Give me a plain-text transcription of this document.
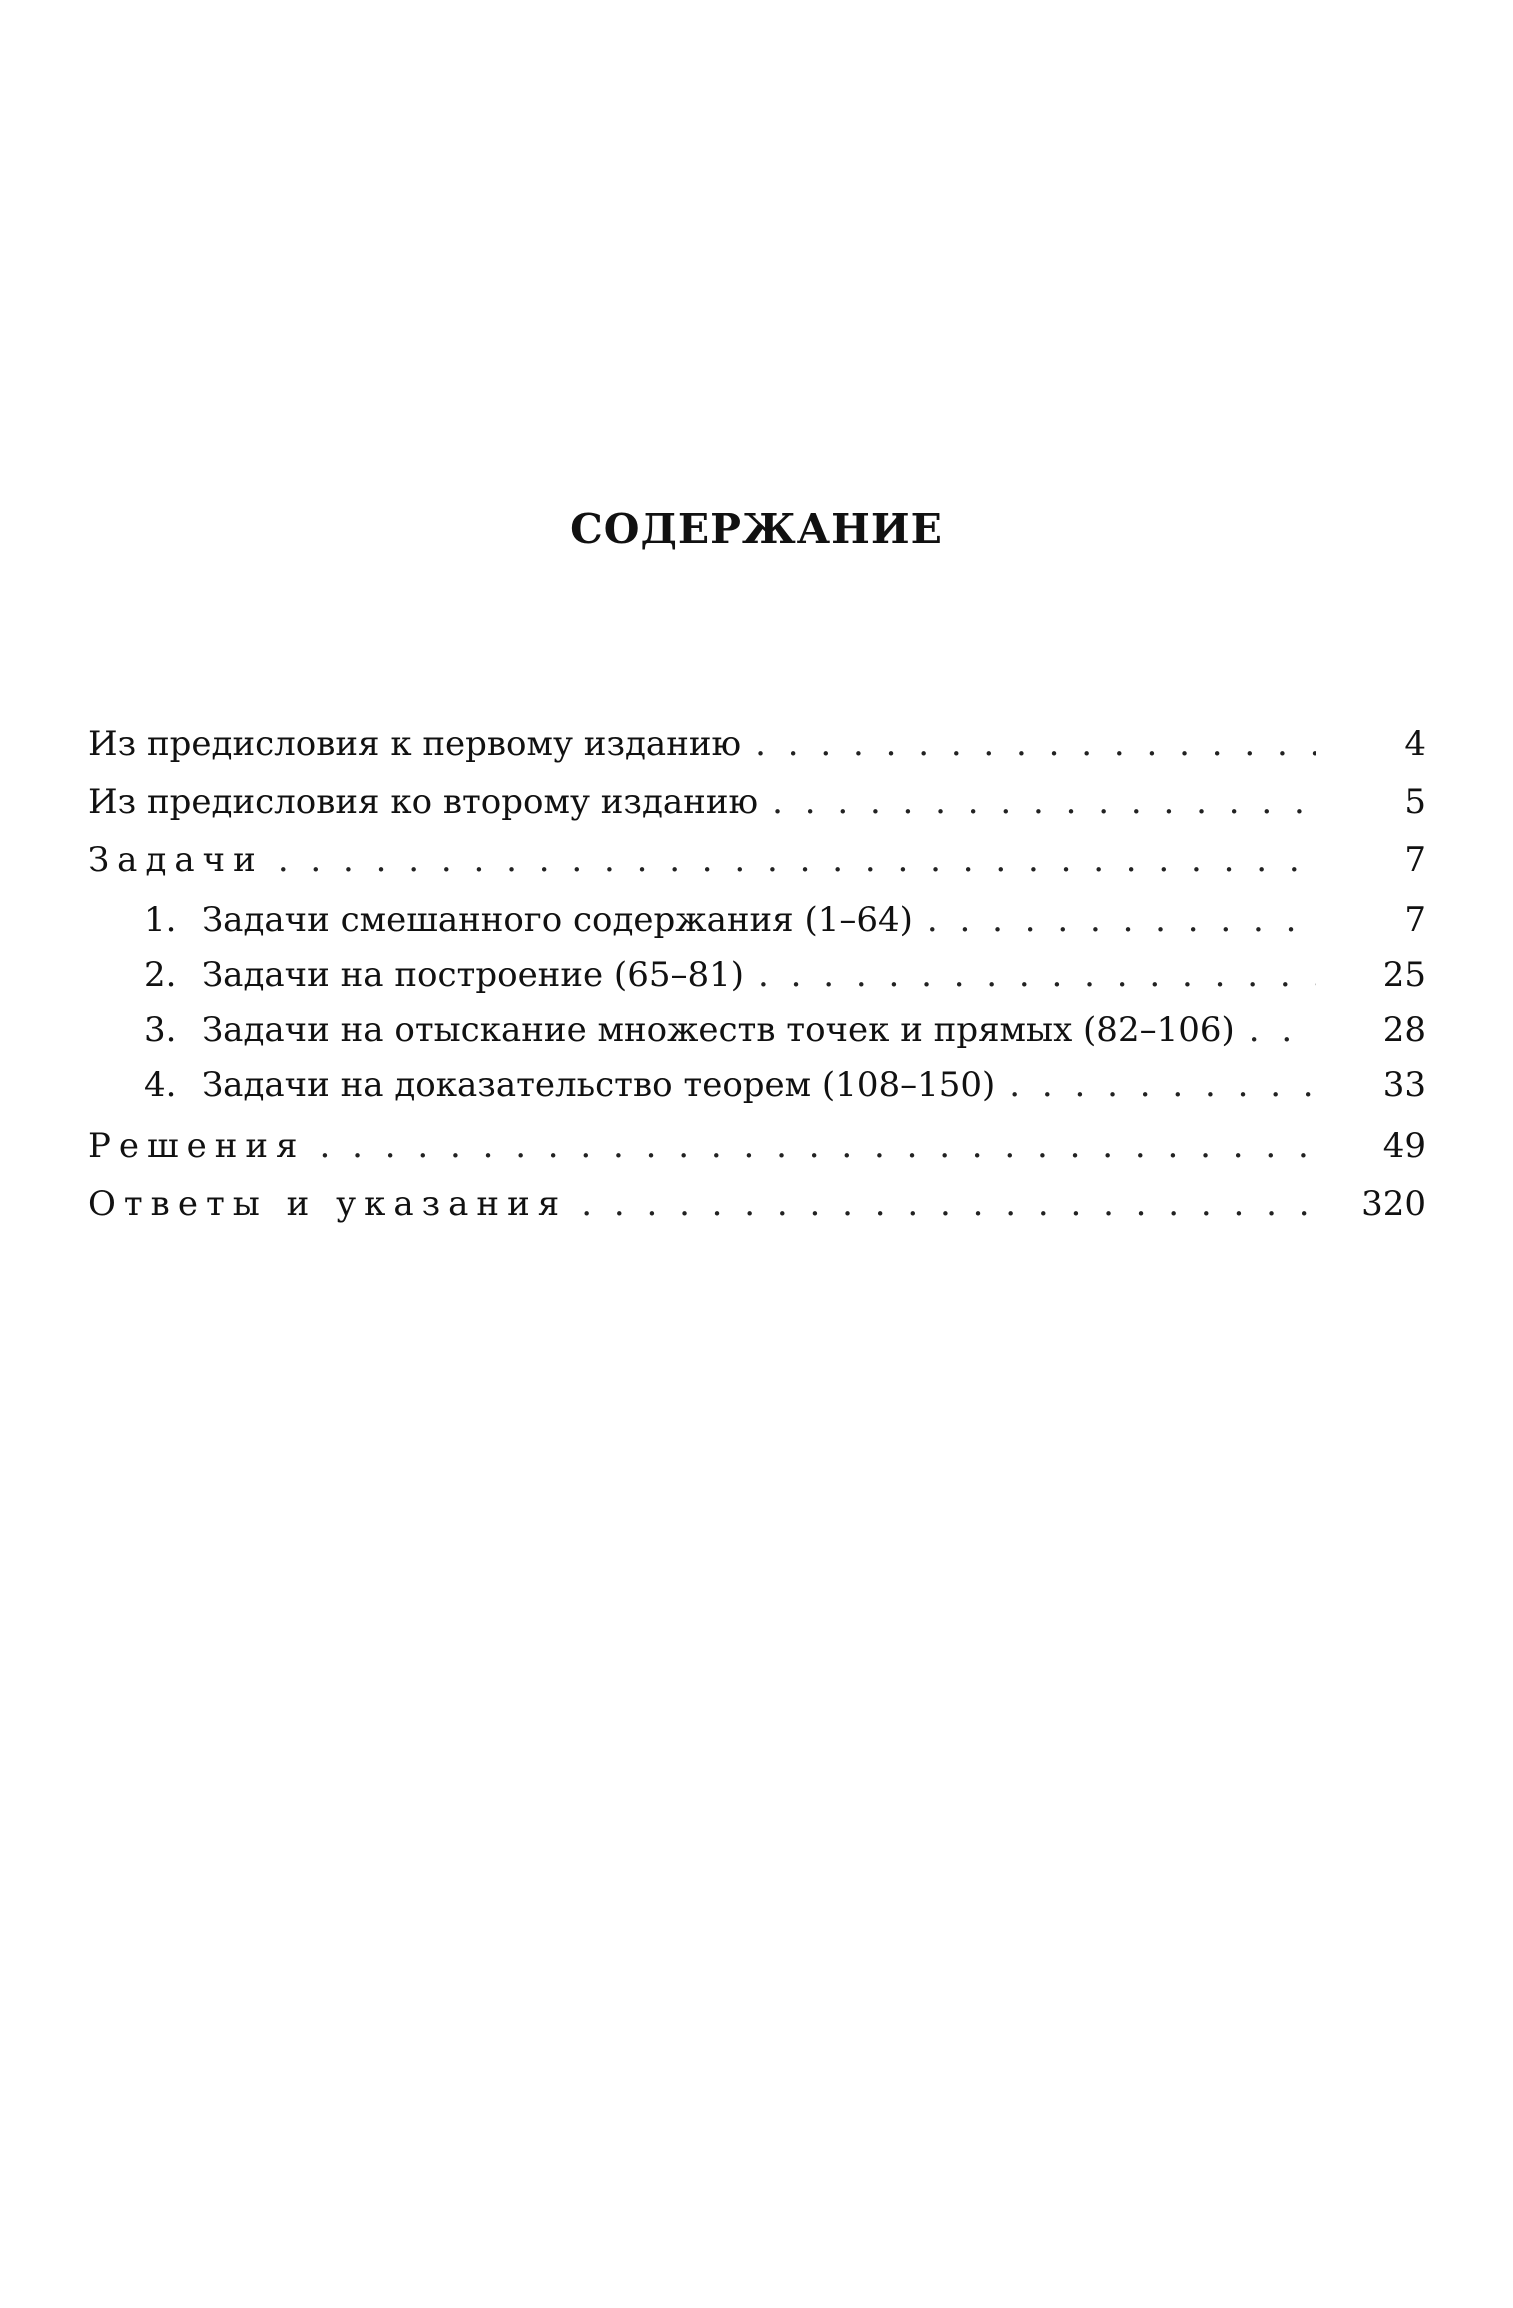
СОДЕРЖАНИЕ
Из предисловия к первому изданию . . .	4
Из предисловия ко второму изданию . . .	5
Задачи . . .	7
1. Задачи смешанного содержания (1–64) . . .	7
2. Задачи на построение (65–81) . . .	25
3. Задачи на отыскание множеств точек и прямых (82–106) . . .	28
4. Задачи на доказательство теорем (108–150) . . .	33
Решения . . .	49
Ответы и указания . . .	320
